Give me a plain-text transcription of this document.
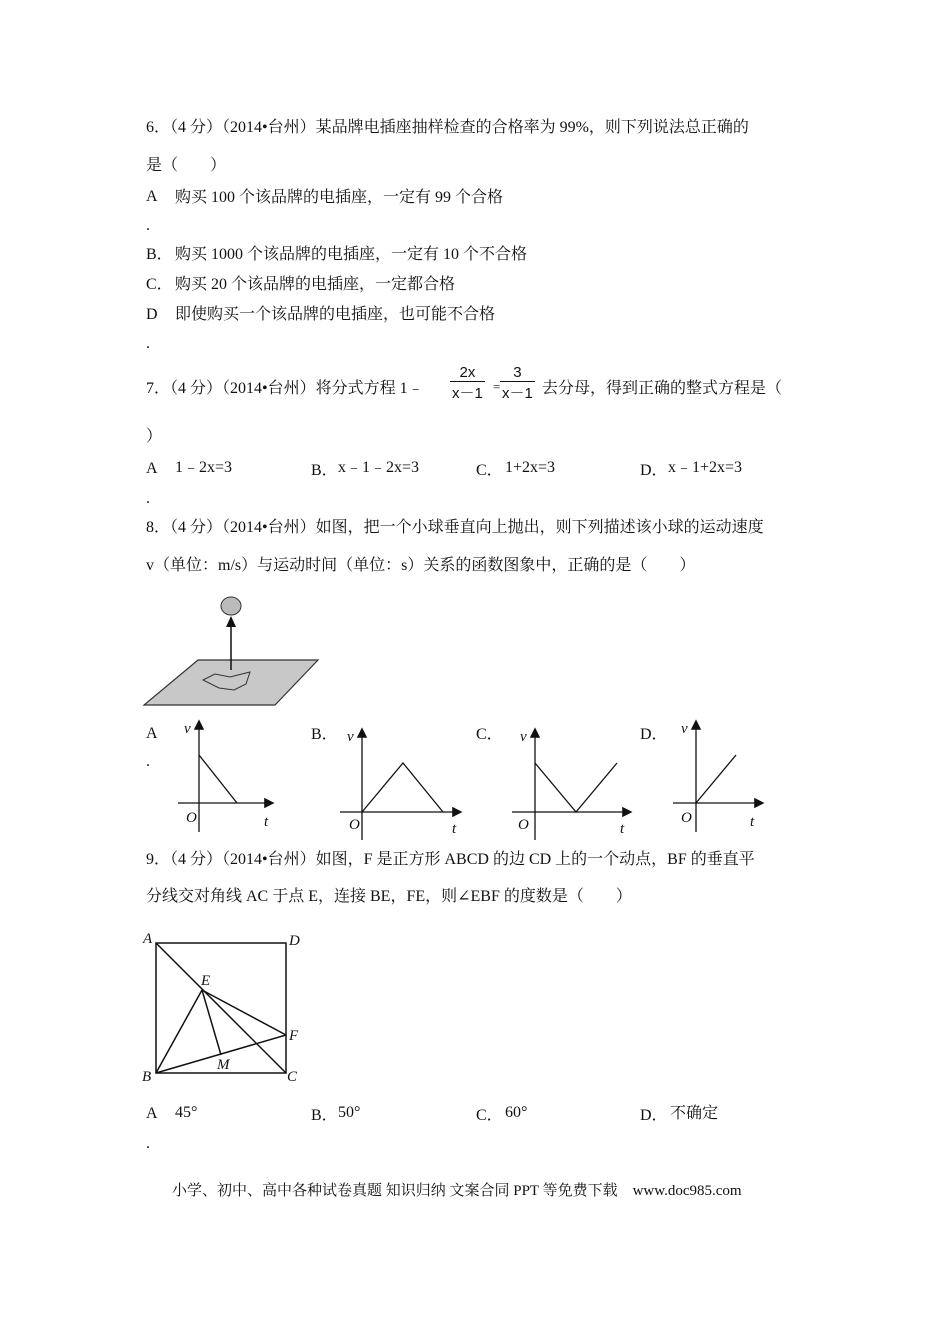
6．（4 分）（2014•台州）某品牌电插座抽样检查的合格率为 99%，则下列说法总正确的
是（　　）
A 购买 100 个该品牌的电插座，一定有 99 个合格
.
B． 购买 1000 个该品牌的电插座，一定有 10 个不合格
C． 购买 20 个该品牌的电插座，一定都合格
D 即使购买一个该品牌的电插座，也可能不合格
.
7．（4 分）（2014•台州）将分式方程 1﹣ $\frac{2x}{x-1} = \frac{3}{x-1}$ 去分母，得到正确的整式方程是（
）
A 1﹣2x=3
.
B． x﹣1﹣2x=3	C． 1+2x=3	D． x﹣1+2x=3
8．（4 分）（2014•台州）如图，把一个小球垂直向上抛出，则下列描述该小球的运动速度
v（单位：m/s）与运动时间（单位：s）关系的函数图象中，正确的是（　　）
A
.
B．	C．	D．
v
O	t
v
O	t
v
O	t
v
O	t
9．（4 分）（2014•台州）如图，F 是正方形 ABCD 的边 CD 上的一个动点，BF 的垂直平
分线交对角线 AC 于点 E，连接 BE，FE，则∠EBF 的度数是（　　）
A	D
B	C
E
F
M
A 45°
.
B． 50°	C． 60°	D． 不确定
小学、初中、高中各种试卷真题 知识归纳 文案合同 PPT 等免费下载　www.doc985.com
